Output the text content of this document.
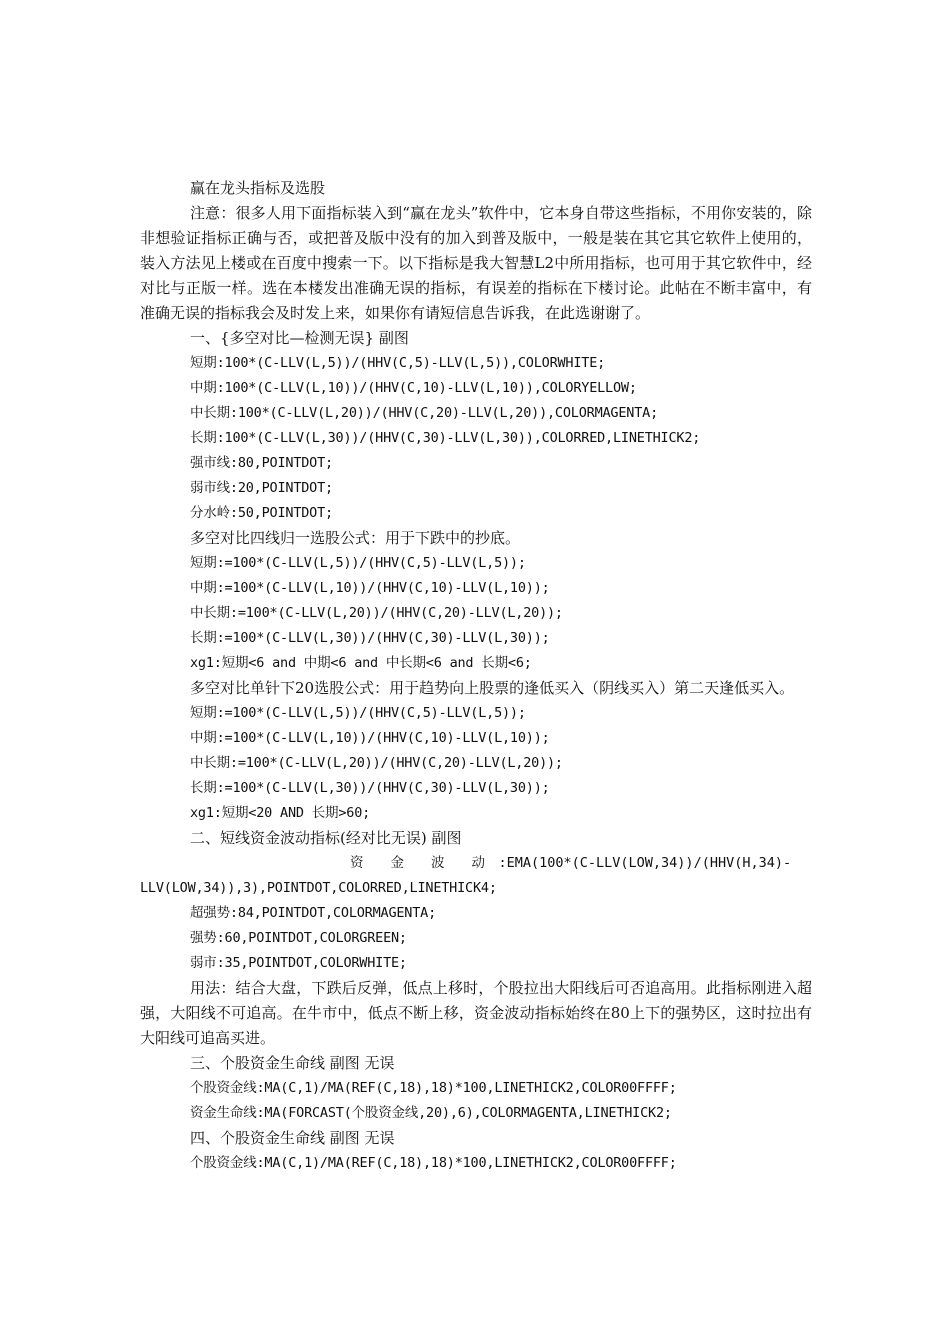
赢在龙头指标及选股
注意：很多人用下面指标装入到“赢在龙头”软件中，它本身自带这些指标，不用你安装的，除非想验证指标正确与否，或把普及版中没有的加入到普及版中，一般是装在其它其它软件上使用的，装入方法见上楼或在百度中搜索一下。以下指标是我大智慧L2中所用指标，也可用于其它软件中，经对比与正版一样。选在本楼发出准确无误的指标，有误差的指标在下楼讨论。此帖在不断丰富中，有准确无误的指标我会及时发上来，如果你有请短信息告诉我，在此选谢谢了。
一、{多空对比—检测无误} 副图
短期:100*(C-LLV(L,5))/(HHV(C,5)-LLV(L,5)),COLORWHITE;
中期:100*(C-LLV(L,10))/(HHV(C,10)-LLV(L,10)),COLORYELLOW;
中长期:100*(C-LLV(L,20))/(HHV(C,20)-LLV(L,20)),COLORMAGENTA;
长期:100*(C-LLV(L,30))/(HHV(C,30)-LLV(L,30)),COLORRED,LINETHICK2;
强市线:80,POINTDOT;
弱市线:20,POINTDOT;
分水岭:50,POINTDOT;
多空对比四线归一选股公式：用于下跌中的抄底。
短期:=100*(C-LLV(L,5))/(HHV(C,5)-LLV(L,5));
中期:=100*(C-LLV(L,10))/(HHV(C,10)-LLV(L,10));
中长期:=100*(C-LLV(L,20))/(HHV(C,20)-LLV(L,20));
长期:=100*(C-LLV(L,30))/(HHV(C,30)-LLV(L,30));
xg1:短期<6 and 中期<6 and 中长期<6 and 长期<6;
多空对比单针下20选股公式：用于趋势向上股票的逢低买入（阴线买入）第二天逢低买入。
短期:=100*(C-LLV(L,5))/(HHV(C,5)-LLV(L,5));
中期:=100*(C-LLV(L,10))/(HHV(C,10)-LLV(L,10));
中长期:=100*(C-LLV(L,20))/(HHV(C,20)-LLV(L,20));
长期:=100*(C-LLV(L,30))/(HHV(C,30)-LLV(L,30));
xg1:短期<20 AND 长期>60;
二、短线资金波动指标(经对比无误) 副图
资　　金　　波　　动　:EMA(100*(C-LLV(LOW,34))/(HHV(H,34)-
LLV(LOW,34)),3),POINTDOT,COLORRED,LINETHICK4;
超强势:84,POINTDOT,COLORMAGENTA;
强势:60,POINTDOT,COLORGREEN;
弱市:35,POINTDOT,COLORWHITE;
用法：结合大盘，下跌后反弹，低点上移时，个股拉出大阳线后可否追高用。此指标刚进入超强，大阳线不可追高。在牛市中，低点不断上移，资金波动指标始终在80上下的强势区，这时拉出有大阳线可追高买进。
三、个股资金生命线 副图 无误
个股资金线:MA(C,1)/MA(REF(C,18),18)*100,LINETHICK2,COLOR00FFFF;
资金生命线:MA(FORCAST(个股资金线,20),6),COLORMAGENTA,LINETHICK2;
四、个股资金生命线 副图 无误
个股资金线:MA(C,1)/MA(REF(C,18),18)*100,LINETHICK2,COLOR00FFFF;
